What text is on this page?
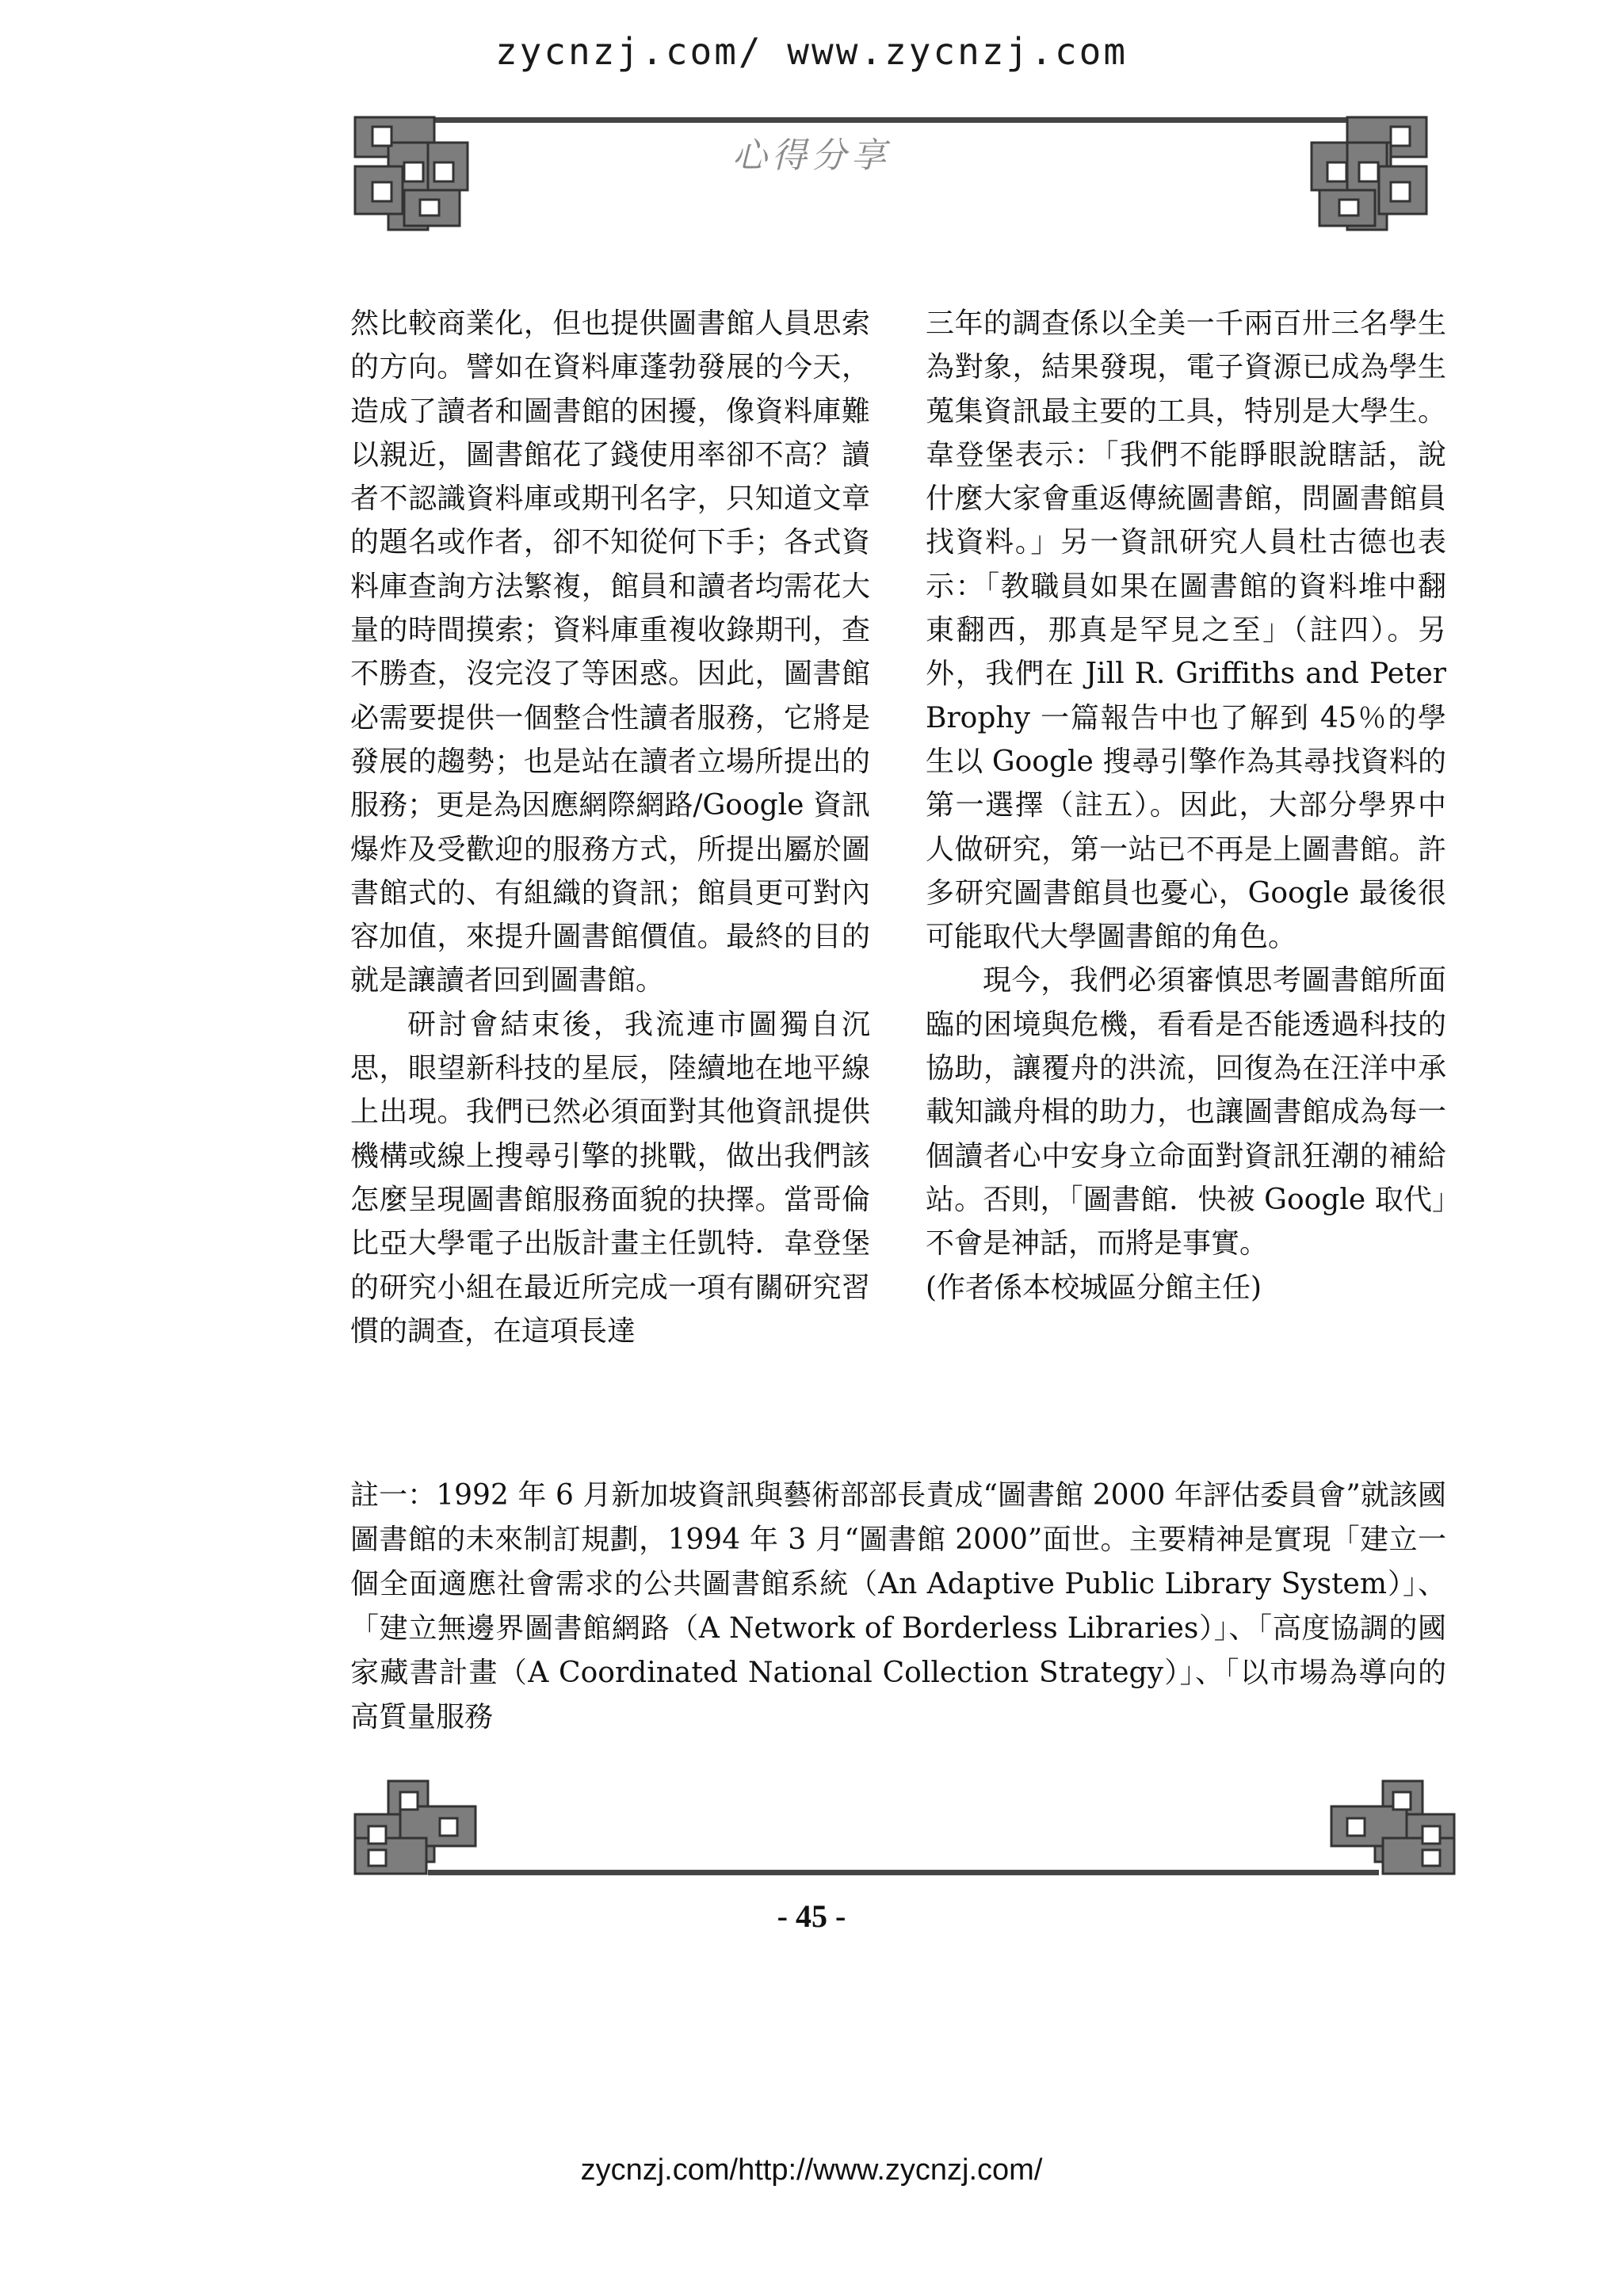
zycnzj.com/ www.zycnzj.com
心得分享

然比較商業化，但也提供圖書館人員思索的方向。譬如在資料庫蓬勃發展的今天，造成了讀者和圖書館的困擾，像資料庫難以親近，圖書館花了錢使用率卻不高？讀者不認識資料庫或期刊名字，只知道文章的題名或作者，卻不知從何下手；各式資料庫查詢方法繁複，館員和讀者均需花大量的時間摸索；資料庫重複收錄期刊，查不勝查，沒完沒了等困惑。因此，圖書館必需要提供一個整合性讀者服務，它將是發展的趨勢；也是站在讀者立場所提出的服務；更是為因應網際網路/Google 資訊爆炸及受歡迎的服務方式，所提出屬於圖書館式的、有組織的資訊；館員更可對內容加值，來提升圖書館價值。最終的目的就是讓讀者回到圖書館。

研討會結束後，我流連市圖獨自沉思，眼望新科技的星辰，陸續地在地平線上出現。我們已然必須面對其他資訊提供機構或線上搜尋引擎的挑戰，做出我們該怎麼呈現圖書館服務面貌的抉擇。當哥倫比亞大學電子出版計畫主任凱特．韋登堡的研究小組在最近所完成一項有關研究習慣的調查，在這項長達

三年的調查係以全美一千兩百卅三名學生為對象，結果發現，電子資源已成為學生蒐集資訊最主要的工具，特別是大學生。韋登堡表示：「我們不能睜眼說瞎話，說什麼大家會重返傳統圖書館，問圖書館員找資料。」另一資訊研究人員杜古德也表示：「教職員如果在圖書館的資料堆中翻東翻西，那真是罕見之至」（註四）。另外，我們在 Jill R. Griffiths and Peter Brophy 一篇報告中也了解到 45％的學生以 Google 搜尋引擎作為其尋找資料的第一選擇（註五）。因此，大部分學界中人做研究，第一站已不再是上圖書館。許多研究圖書館員也憂心，Google 最後很可能取代大學圖書館的角色。

現今，我們必須審慎思考圖書館所面臨的困境與危機，看看是否能透過科技的協助，讓覆舟的洪流，回復為在汪洋中承載知識舟楫的助力，也讓圖書館成為每一個讀者心中安身立命面對資訊狂潮的補給站。否則，「圖書館．快被 Google 取代」不會是神話，而將是事實。

(作者係本校城區分館主任)

註一：1992 年 6 月新加坡資訊與藝術部部長責成“圖書館 2000 年評估委員會”就該國圖書館的未來制訂規劃，1994 年 3 月“圖書館 2000”面世。主要精神是實現「建立一個全面適應社會需求的公共圖書館系統（An Adaptive Public Library System）」、「建立無邊界圖書館網路（A Network of Borderless Libraries）」、「高度協調的國家藏書計畫（A Coordinated National Collection Strategy）」、「以市場為導向的高質量服務

- 45 -
zycnzj.com/http://www.zycnzj.com/
